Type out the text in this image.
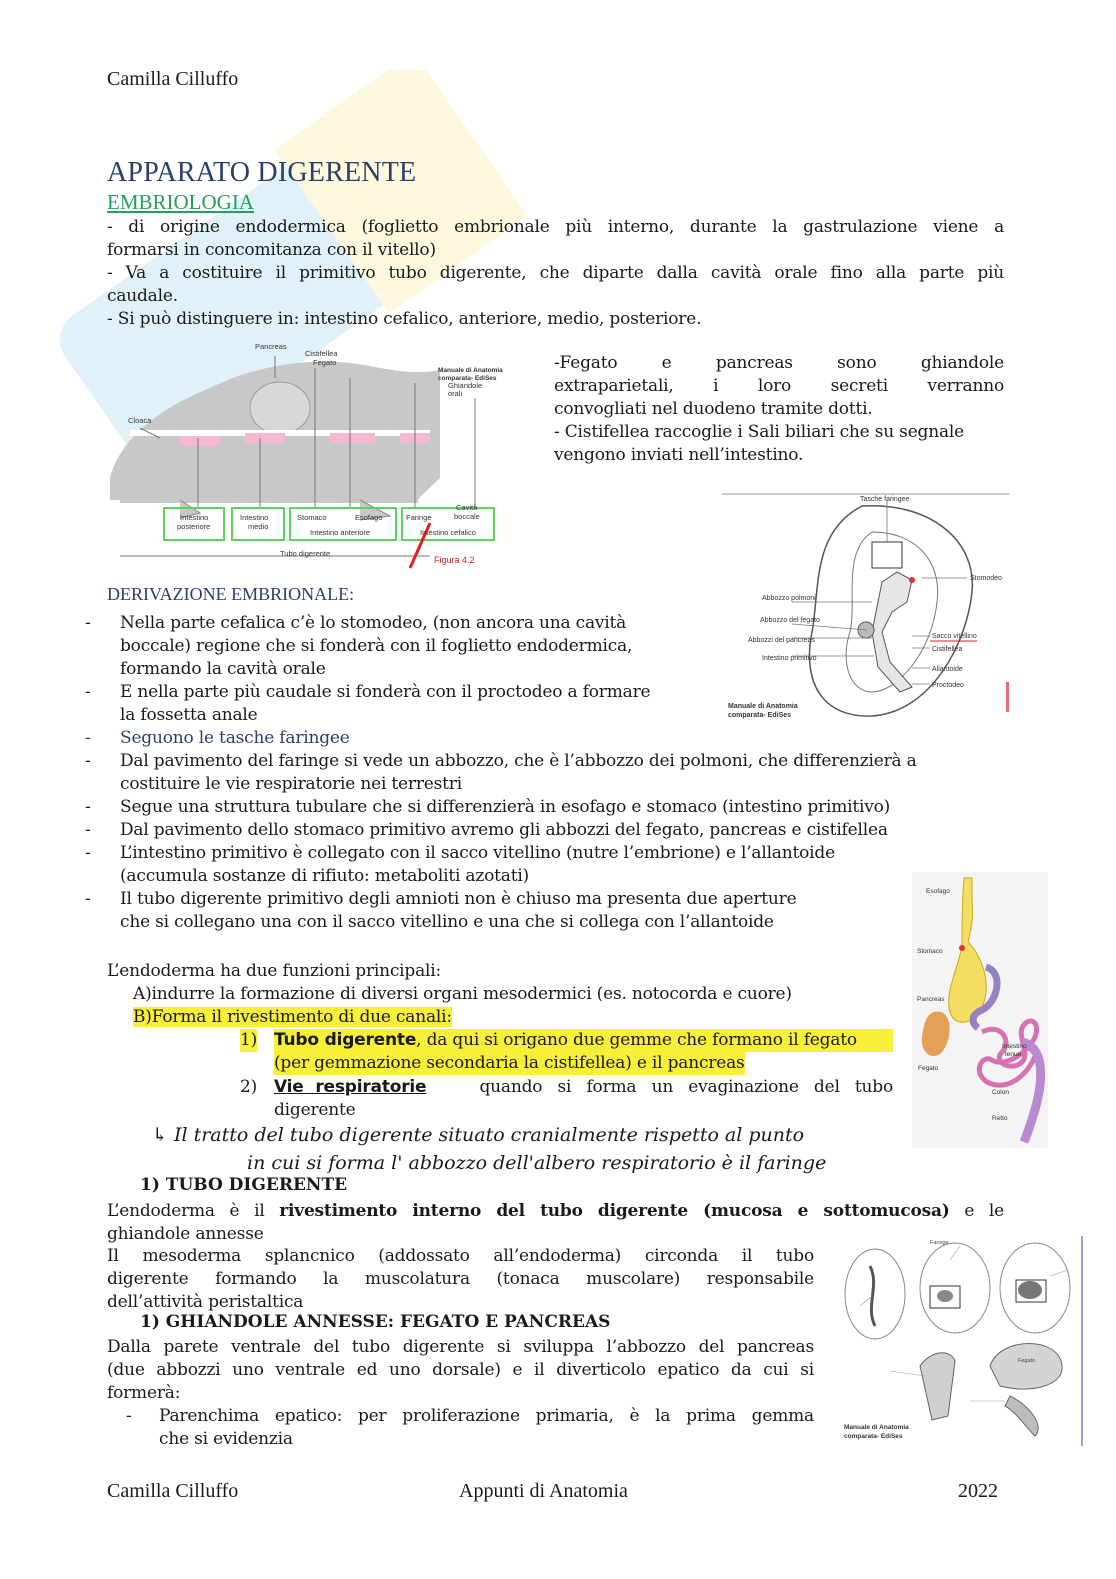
Camilla Cilluffo
APPARATO DIGERENTE
EMBRIOLOGIA
- di origine endodermica (foglietto embrionale più interno, durante la gastrulazione viene a
formarsi in concomitanza con il vitello)
- Va a costituire il primitivo tubo digerente, che diparte dalla cavità orale fino alla parte più
caudale.
- Si può distinguere in: intestino cefalico, anteriore, medio, posteriore.
Pancreas
Cistifellea
Fegato
Manuale di Anatomia
comparata- EdiSes
Ghiandole
orali
Cloaca
Intestino
posteriore
Intestino
medio
Stomaco	Esofago
Intestino anteriore
Faringe
Cavità
boccale
Intestino cefalico
Tubo digerente
Figura 4.2
-Fegato e pancreas sono ghiandole
extraparietali, i loro secreti verranno
convogliati nel duodeno tramite dotti.
- Cistifellea raccoglie i Sali biliari che su segnale
vengono inviati nell’intestino.
Tasche faringee
Stomodeo
Abbozzo polmoni
Abbozzo del fegato
Abbozzi del pancreas
Intestino primitivo
Sacco vitellino
Cistifellea
Allantoide
Proctodeo
Manuale di Anatomia
comparata- EdiSes
DERIVAZIONE EMBRIONALE:
- Nella parte cefalica c’è lo stomodeo, (non ancora una cavità
boccale) regione che si fonderà con il foglietto endodermica,
formando la cavità orale
- E nella parte più caudale si fonderà con il proctodeo a formare
la fossetta anale
- Seguono le tasche faringee
- Dal pavimento del faringe si vede un abbozzo, che è l’abbozzo dei polmoni, che differenzierà a
costituire le vie respiratorie nei terrestri
- Segue una struttura tubulare che si differenzierà in esofago e stomaco (intestino primitivo)
- Dal pavimento dello stomaco primitivo avremo gli abbozzi del fegato, pancreas e cistifellea
- L’intestino primitivo è collegato con il sacco vitellino (nutre l’embrione) e l’allantoide
(accumula sostanze di rifiuto: metaboliti azotati)
- Il tubo digerente primitivo degli amnioti non è chiuso ma presenta due aperture
che si collegano una con il sacco vitellino e una che si collega con l’allantoide
Esofago
Stomaco
Pancreas
Fegato
Intestino
tenue
Colon
Retto
L’endoderma ha due funzioni principali:
A)indurre la formazione di diversi organi mesodermici (es. notocorda e cuore)
B)Forma il rivestimento di due canali:
1) Tubo digerente, da qui si origano due gemme che formano il fegato
(per gemmazione secondaria la cistifellea) e il pancreas
2) Vie respiratorie	quando si forma un evaginazione del tubo
digerente
↳ Il tratto del tubo digerente situato cranialmente rispetto al punto
in cui si forma l' abbozzo dell'albero respiratorio è il faringe
1) TUBO DIGERENTE
L’endoderma è il rivestimento interno del tubo digerente (mucosa e sottomucosa) e le
ghiandole annesse
Il mesoderma splancnico (addossato all’endoderma) circonda il tubo
digerente formando la muscolatura (tonaca muscolare) responsabile
dell’attività peristaltica
Faringe
Fegato
Manuale di Anatomia
comparata- EdiSes
1) GHIANDOLE ANNESSE: FEGATO E PANCREAS
Dalla parete ventrale del tubo digerente si sviluppa l’abbozzo del pancreas
(due abbozzi uno ventrale ed uno dorsale) e il diverticolo epatico da cui si
formerà:
- Parenchima epatico: per proliferazione primaria, è la prima gemma
che si evidenzia
Camilla Cilluffo	Appunti di Anatomia	2022
